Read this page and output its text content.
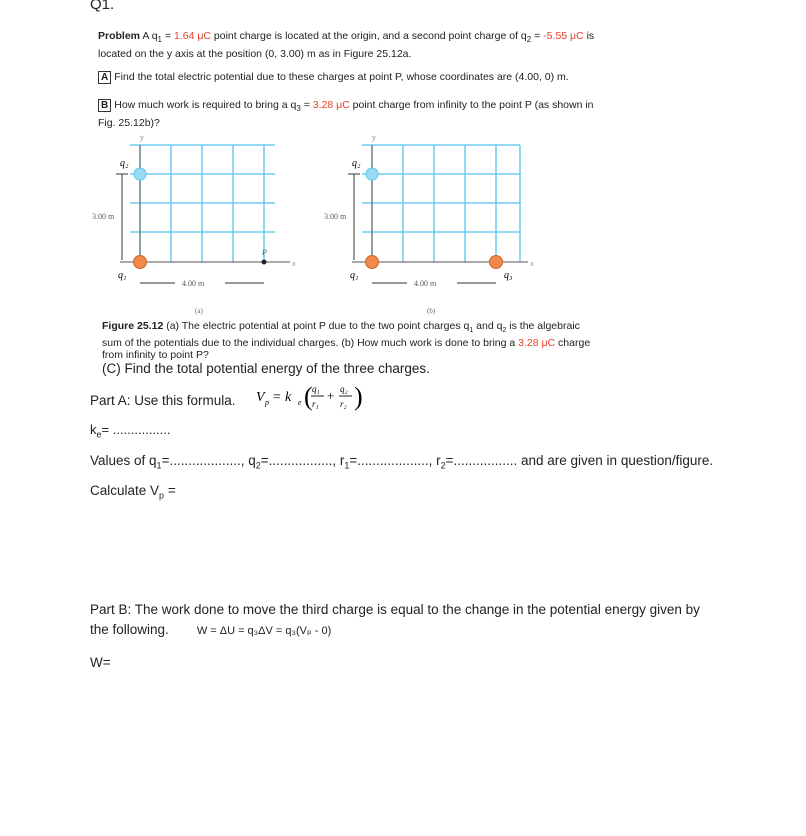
Q1.
Problem A $q_1 = 1.64$ μC point charge is located at the origin, and a second point charge of $q_2 = -5.55$ μC is
located on the y axis at the position (0, 3.00) m as in Figure 25.12a.
A Find the total electric potential due to these charges at point P, whose coordinates are (4.00, 0) m.
B How much work is required to bring a $q_3 = 3.28$ μC point charge from infinity to the point P (as shown in
Fig. 25.12b)?
y
x
3.00 m
4.00 m
q₂
q₁
P
(a)
y
x
3.00 m
4.00 m
q₂
q₁	q₃
(b)
Figure 25.12 (a) The electric potential at point P due to the two point charges $q_1$ and $q_2$ is the algebraic
sum of the potentials due to the individual charges. (b) How much work is done to bring a 3.28 μC charge
from infinity to point P?
(C) Find the total potential energy of the three charges.
Part A: Use this formula. V p = k e ( q₁
r₁
+ q₂
r₂ )
$k_e=$ ................
Values of $q_1=$..................., $q_2=$................., $r_1=$..................., $r_2=$................. and are given in question/figure.
Calculate $V_p$ =
Part B: The work done to move the third charge is equal to the change in the potential energy given by
the following.	W = ΔU = q₃ΔV = q₃(Vₚ - 0)
W=
